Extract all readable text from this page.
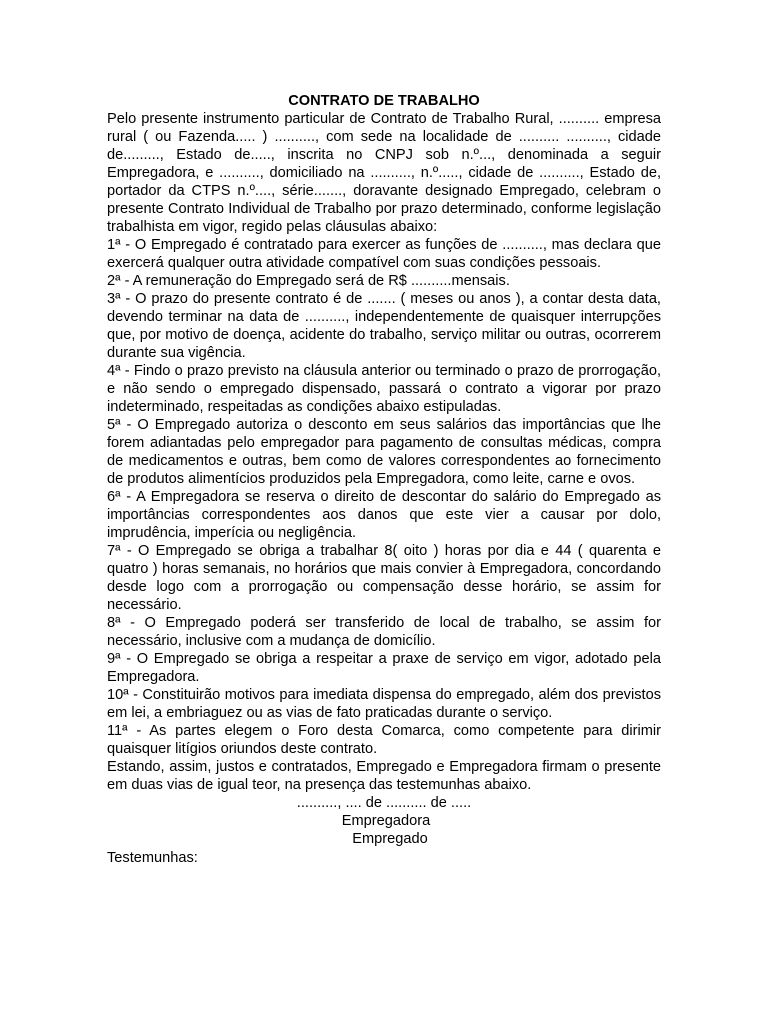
CONTRATO DE TRABALHO

Pelo presente instrumento particular de Contrato de Trabalho Rural, .......... empresa rural ( ou Fazenda..... ) .........., com sede na localidade de .......... .........., cidade de........., Estado de....., inscrita no CNPJ sob n.º..., denominada a seguir Empregadora, e .........., domiciliado na .........., n.º....., cidade de .........., Estado de, portador da CTPS n.º...., série......., doravante designado Empregado, celebram o presente Contrato Individual de Trabalho por prazo determinado, conforme legislação trabalhista em vigor, regido pelas cláusulas abaixo:

1ª - O Empregado é contratado para exercer as funções de .........., mas declara que exercerá qualquer outra atividade compatível com suas condições pessoais.

2ª - A remuneração do Empregado será de R$ ..........mensais.

3ª - O prazo do presente contrato é de ....... ( meses ou anos ), a contar desta data, devendo terminar na data de .........., independentemente de quaisquer interrupções que, por motivo de doença, acidente do trabalho, serviço militar ou outras, ocorrerem durante sua vigência.

4ª - Findo o prazo previsto na cláusula anterior ou terminado o prazo de prorrogação, e não sendo o empregado dispensado, passará o contrato a vigorar por prazo indeterminado, respeitadas as condições abaixo estipuladas.

5ª - O Empregado autoriza o desconto em seus salários das importâncias que lhe forem adiantadas pelo empregador para pagamento de consultas médicas, compra de medicamentos e outras, bem como de valores correspondentes ao fornecimento de produtos alimentícios produzidos pela Empregadora, como leite, carne e ovos.

6ª - A Empregadora se reserva o direito de descontar do salário do Empregado as importâncias correspondentes aos danos que este vier a causar por dolo, imprudência, imperícia ou negligência.

7ª - O Empregado se obriga a trabalhar 8( oito ) horas por dia e 44 ( quarenta e quatro ) horas semanais, no horários que mais convier à Empregadora, concordando desde logo com a prorrogação ou compensação desse horário, se assim for necessário.

8ª - O Empregado poderá ser transferido de local de trabalho, se assim for necessário, inclusive com a mudança de domicílio.

9ª - O Empregado se obriga a respeitar a praxe de serviço em vigor, adotado pela Empregadora.

10ª - Constituirão motivos para imediata dispensa do empregado, além dos previstos em lei, a embriaguez ou as vias de fato praticadas durante o serviço.

11ª - As partes elegem o Foro desta Comarca, como competente para dirimir quaisquer litígios oriundos deste contrato.

Estando, assim, justos e contratados, Empregado e Empregadora firmam o presente em duas vias de igual teor, na presença das testemunhas abaixo.

.........., .... de .......... de .....

Empregadora

Empregado

Testemunhas:
